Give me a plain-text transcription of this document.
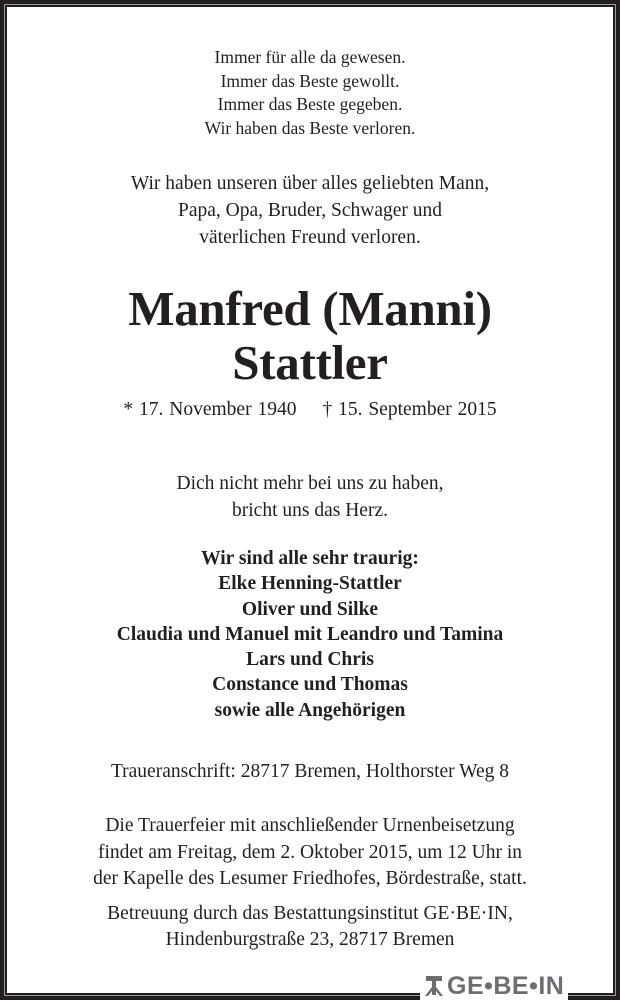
Immer für alle da gewesen.
Immer das Beste gewollt.
Immer das Beste gegeben.
Wir haben das Beste verloren.
Wir haben unseren über alles geliebten Mann,
Papa, Opa, Bruder, Schwager und
väterlichen Freund verloren.
Manfred (Manni)
Stattler
* 17. November 1940 † 15. September 2015
Dich nicht mehr bei uns zu haben,
bricht uns das Herz.
Wir sind alle sehr traurig:
Elke Henning-Stattler
Oliver und Silke
Claudia und Manuel mit Leandro und Tamina
Lars und Chris
Constance und Thomas
sowie alle Angehörigen
Traueranschrift: 28717 Bremen, Holthorster Weg 8
Die Trauerfeier mit anschließender Urnenbeisetzung
findet am Freitag, dem 2. Oktober 2015, um 12 Uhr in
der Kapelle des Lesumer Friedhofes, Bördestraße, statt.
Betreuung durch das Bestattungsinstitut GE·BE·IN,
Hindenburgstraße 23, 28717 Bremen
GE•BE•IN
